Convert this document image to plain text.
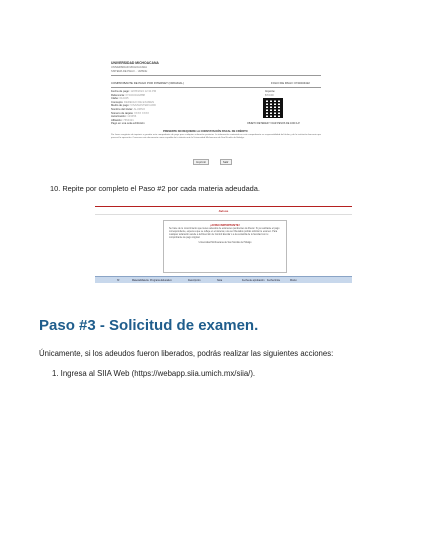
UNIVERSIDAD MICHOACANA
UNIVERSIDAD MICHOACANA
SISTEMA DE PAGO ·· UMSNH
COMPROBANTE DE PAGO POR INTERNET (ORIGINAL)	FOLIO DE PAGO: 0743234422
Fecha de pago: 12/05/2024 12:34 PM
Referencia: 0743234422888
Clabe: 012345
Concepto: DERECHO DE EXAMEN
Medio de pago: VISA/MASTERCARD
Nombre del titular: ALUMNO
Número de tarjeta: XXXX XXXX
Autorización: 123456
Afiliación: 7654321
Pago en una sola exhibición
Importe:
$73.00
OBJETO RETENER Y DAR PESOS DE 1000 A.P.
PRESENTE NO REQUIERE LA CONSTATACIÓN FISCAL DE CRÉDITO
Por favor asegúrate de imprimir o guardar este comprobante de pago para cualquier aclaración posterior. La información contenida en este comprobante es responsabilidad del titular y de la institución bancaria que procesó la operación. Conserva este documento como respaldo de tu trámite ante la Universidad Michoacana de San Nicolás de Hidalgo.
Imprimir	Salir
10. Repite por completo el Paso #2 por cada materia adeudada.
Avisos
¡AVISO IMPORTANTE!
Se hace de tu conocimiento que tienes adeudos de exámenes pendientes de liberar. Si ya realizaste el pago correspondiente, espera a que se refleje en el sistema; una vez liberados podrás solicitar tu examen. Para cualquier aclaración acude a la Dirección de Control Escolar o a la ventanilla de tu facultad con tu comprobante de pago original.
Universidad Michoacana de San Nicolás de Hidalgo
Nº	Materia/Materia Programa Educativo	Descripción	Nota	Fecha de aprobación Fecha límite	Monto
Paso #3 - Solicitud de examen.
Únicamente, si los adeudos fueron liberados, podrás realizar las siguientes acciones:
1. Ingresa al SIIA Web (https://webapp.siia.umich.mx/siia/).
